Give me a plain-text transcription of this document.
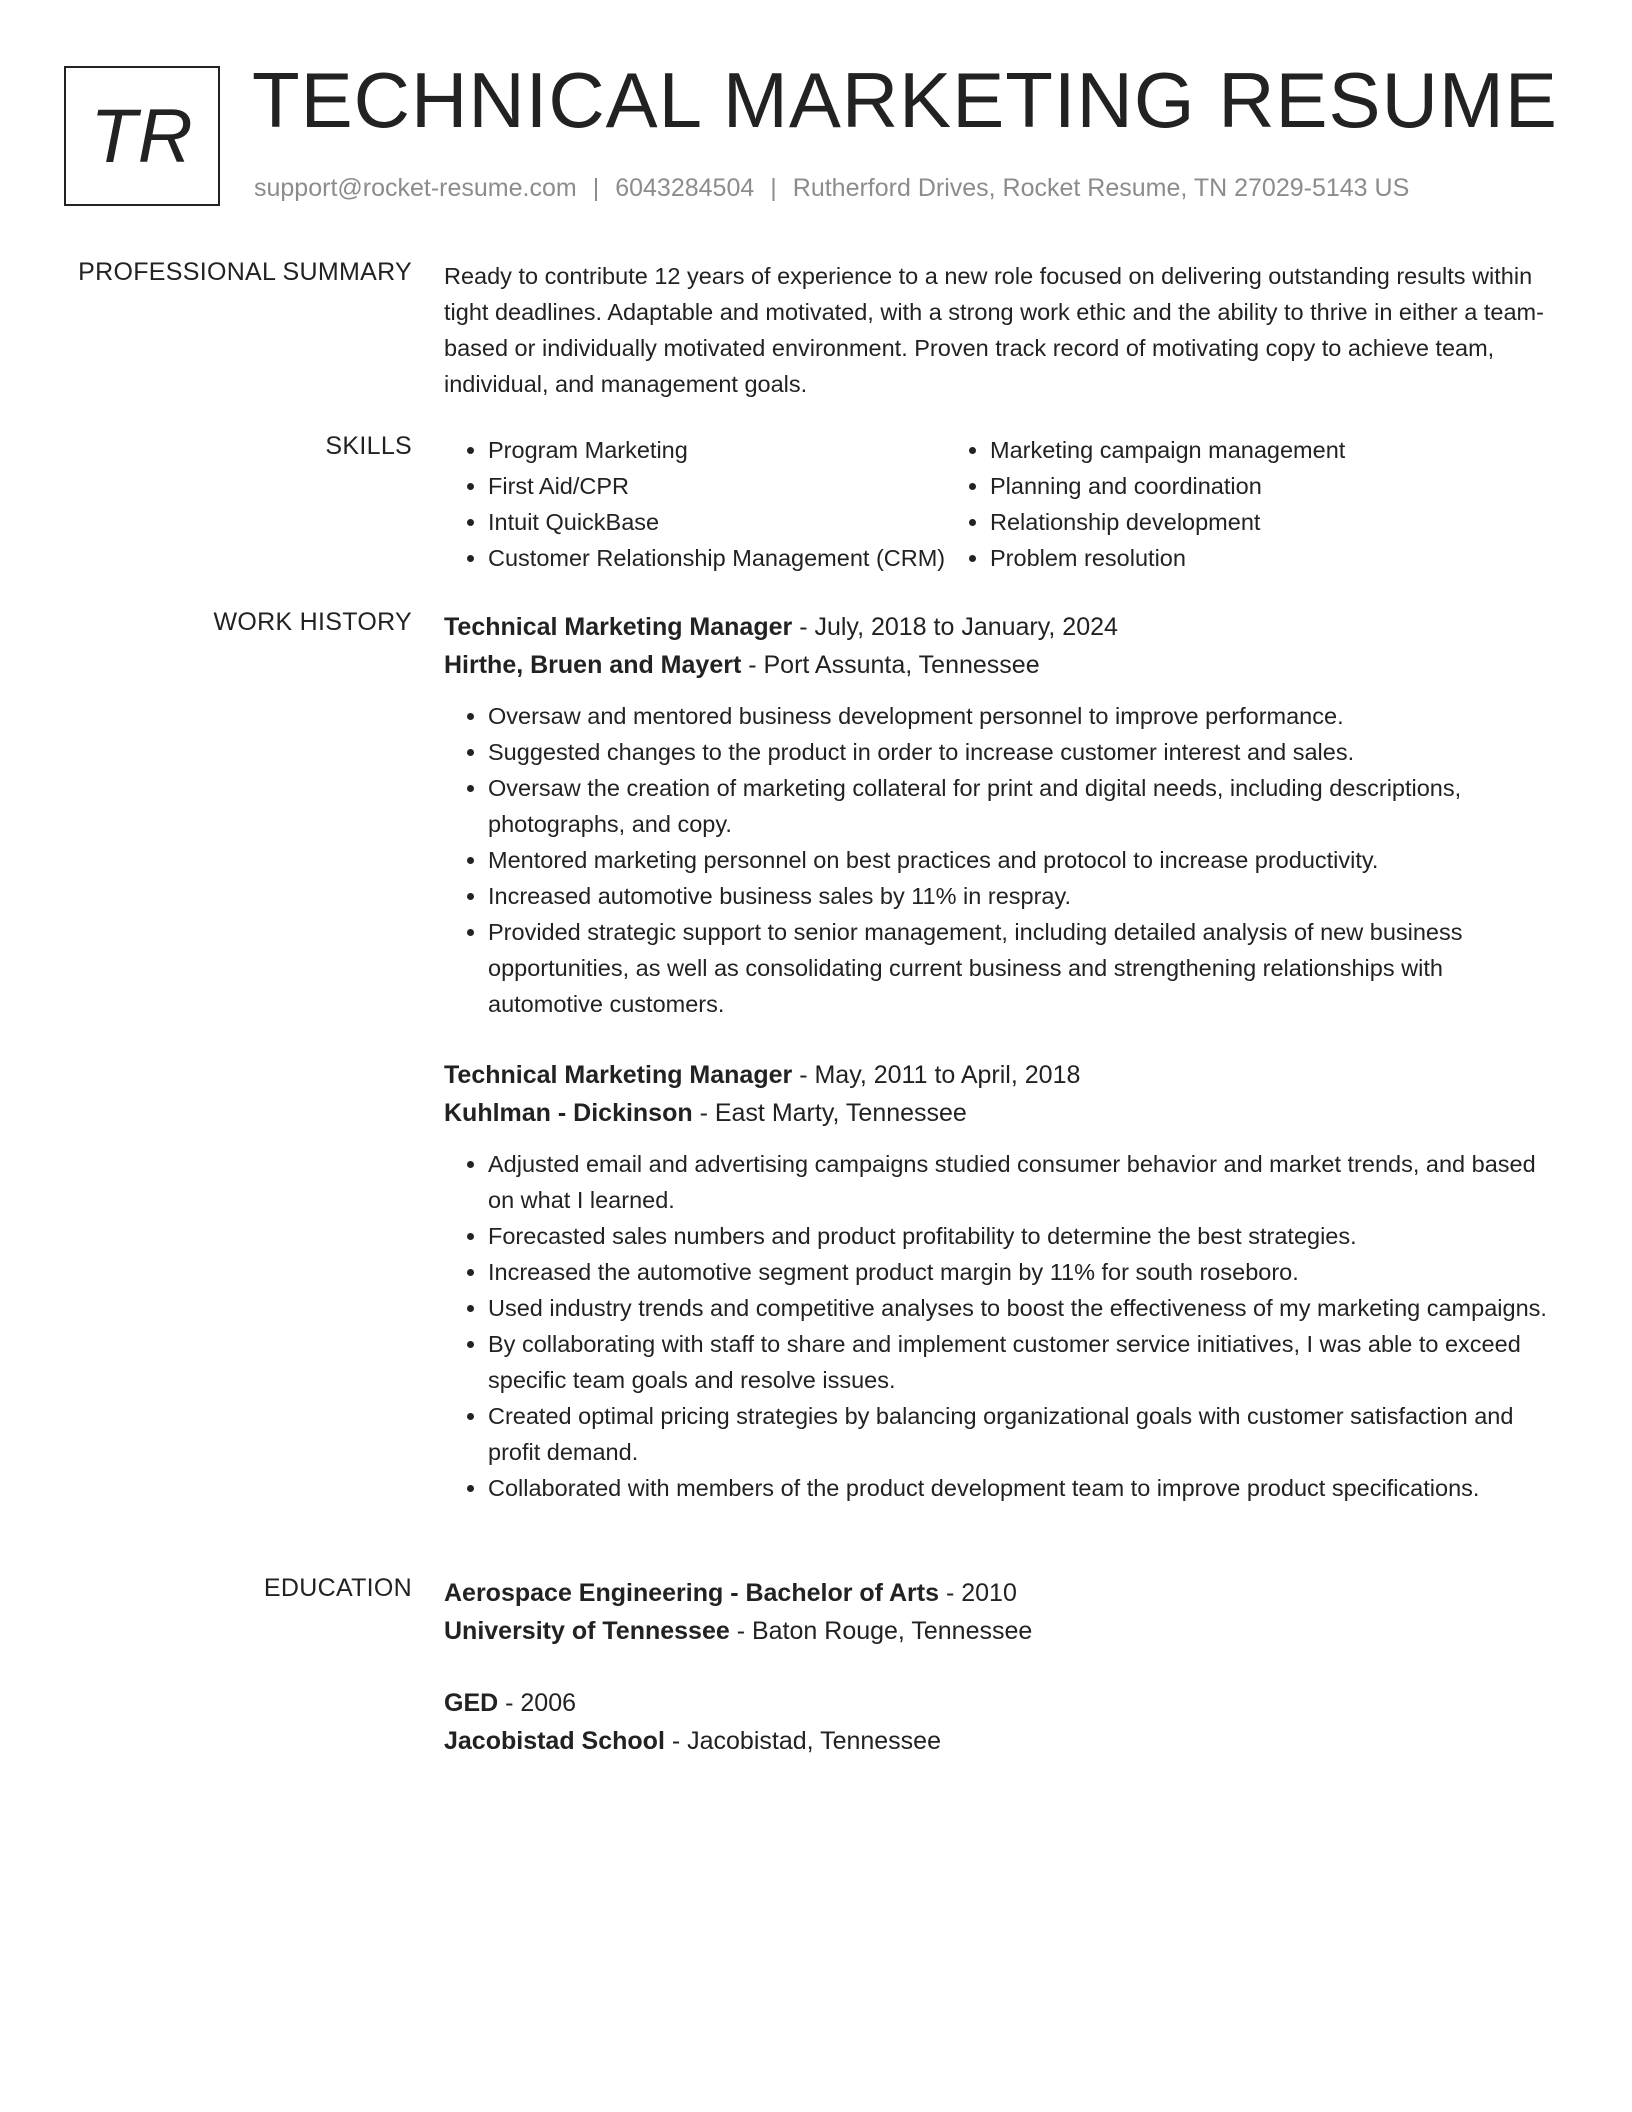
TR TECHNICAL MARKETING RESUME
support@rocket-resume.com | 6043284504 | Rutherford Drives, Rocket Resume, TN 27029-5143 US
PROFESSIONAL SUMMARY Ready to contribute 12 years of experience to a new role focused on delivering outstanding results within tight deadlines. Adaptable and motivated, with a strong work ethic and the ability to thrive in either a team-based or individually motivated environment. Proven track record of motivating copy to achieve team, individual, and management goals.

SKILLS
•	Program Marketing
• First Aid/CPR
• Intuit QuickBase
• Customer Relationship Management (CRM)
• Marketing campaign management
• Planning and coordination
• Relationship development
• Problem resolution
WORK HISTORY Technical Marketing Manager - July, 2018 to January, 2024
Hirthe, Bruen and Mayert - Port Assunta, Tennessee
• Oversaw and mentored business development personnel to improve performance.
• Suggested changes to the product in order to increase customer interest and sales.
• Oversaw the creation of marketing collateral for print and digital needs, including descriptions, photographs, and copy.
• Mentored marketing personnel on best practices and protocol to increase productivity.
• Increased automotive business sales by 11% in respray.
• Provided strategic support to senior management, including detailed analysis of new business opportunities, as well as consolidating current business and strengthening relationships with automotive customers.
Technical Marketing Manager - May, 2011 to April, 2018
Kuhlman - Dickinson - East Marty, Tennessee
• Adjusted email and advertising campaigns studied consumer behavior and market trends, and based on what I learned.
• Forecasted sales numbers and product profitability to determine the best strategies.
• Increased the automotive segment product margin by 11% for south roseboro.
• Used industry trends and competitive analyses to boost the effectiveness of my marketing campaigns.
• By collaborating with staff to share and implement customer service initiatives, I was able to exceed specific team goals and resolve issues.
• Created optimal pricing strategies by balancing organizational goals with customer satisfaction and profit demand.
• Collaborated with members of the product development team to improve product specifications.
EDUCATION Aerospace Engineering - Bachelor of Arts - 2010
University of Tennessee - Baton Rouge, Tennessee
GED - 2006
Jacobistad School - Jacobistad, Tennessee
